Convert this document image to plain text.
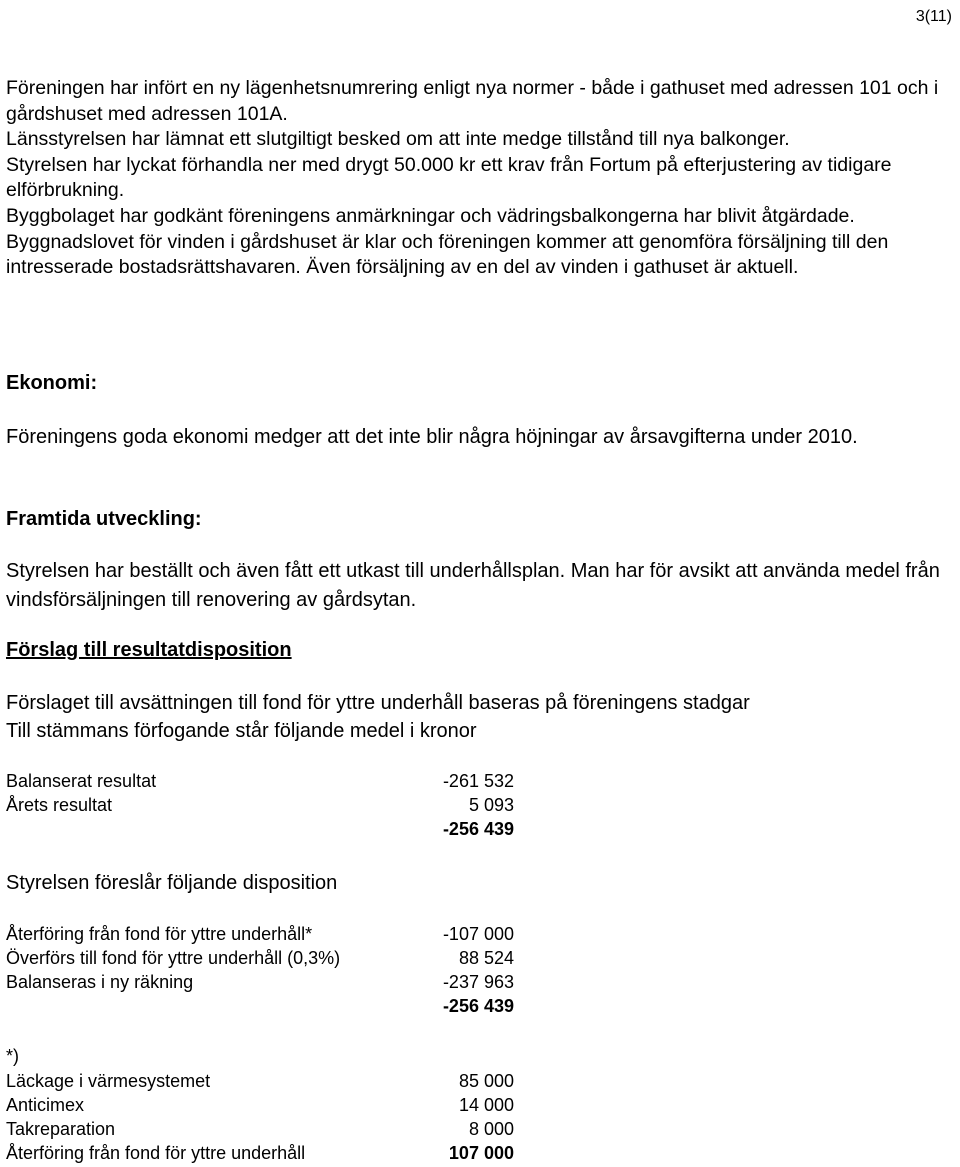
3(11)

Föreningen har infört en ny lägenhetsnumrering enligt nya normer - både i gathuset med adressen 101 och i gårdshuset med adressen 101A.

Länsstyrelsen har lämnat ett slutgiltigt besked om att inte medge tillstånd till nya balkonger.

Styrelsen har lyckat förhandla ner med drygt 50.000 kr ett krav från Fortum på efterjustering av tidigare elförbrukning.

Byggbolaget har godkänt föreningens anmärkningar och vädringsbalkongerna har blivit åtgärdade.

Byggnadslovet för vinden i gårdshuset är klar och föreningen kommer att genomföra försäljning till den intresserade bostadsrättshavaren. Även försäljning av en del av vinden i gathuset är aktuell.

Ekonomi:

Föreningens goda ekonomi medger att det inte blir några höjningar av årsavgifterna under 2010.

Framtida utveckling:

Styrelsen har beställt och även fått ett utkast till underhållsplan. Man har för avsikt att använda medel från vindsförsäljningen till renovering av gårdsytan.

Förslag till resultatdisposition

Förslaget till avsättningen till fond för yttre underhåll baseras på föreningens stadgar

Till stämmans förfogande står följande medel i kronor

Balanserat resultat	-261 532
Årets resultat	5 093
-256 439

Styrelsen föreslår följande disposition

Återföring från fond för yttre underhåll*	-107 000
Överförs till fond för yttre underhåll (0,3%)	88 524
Balanseras i ny räkning	-237 963
-256 439
*)
Läckage i värmesystemet	85 000
Anticimex	14 000
Takreparation	8 000
Återföring från fond för yttre underhåll	107 000
